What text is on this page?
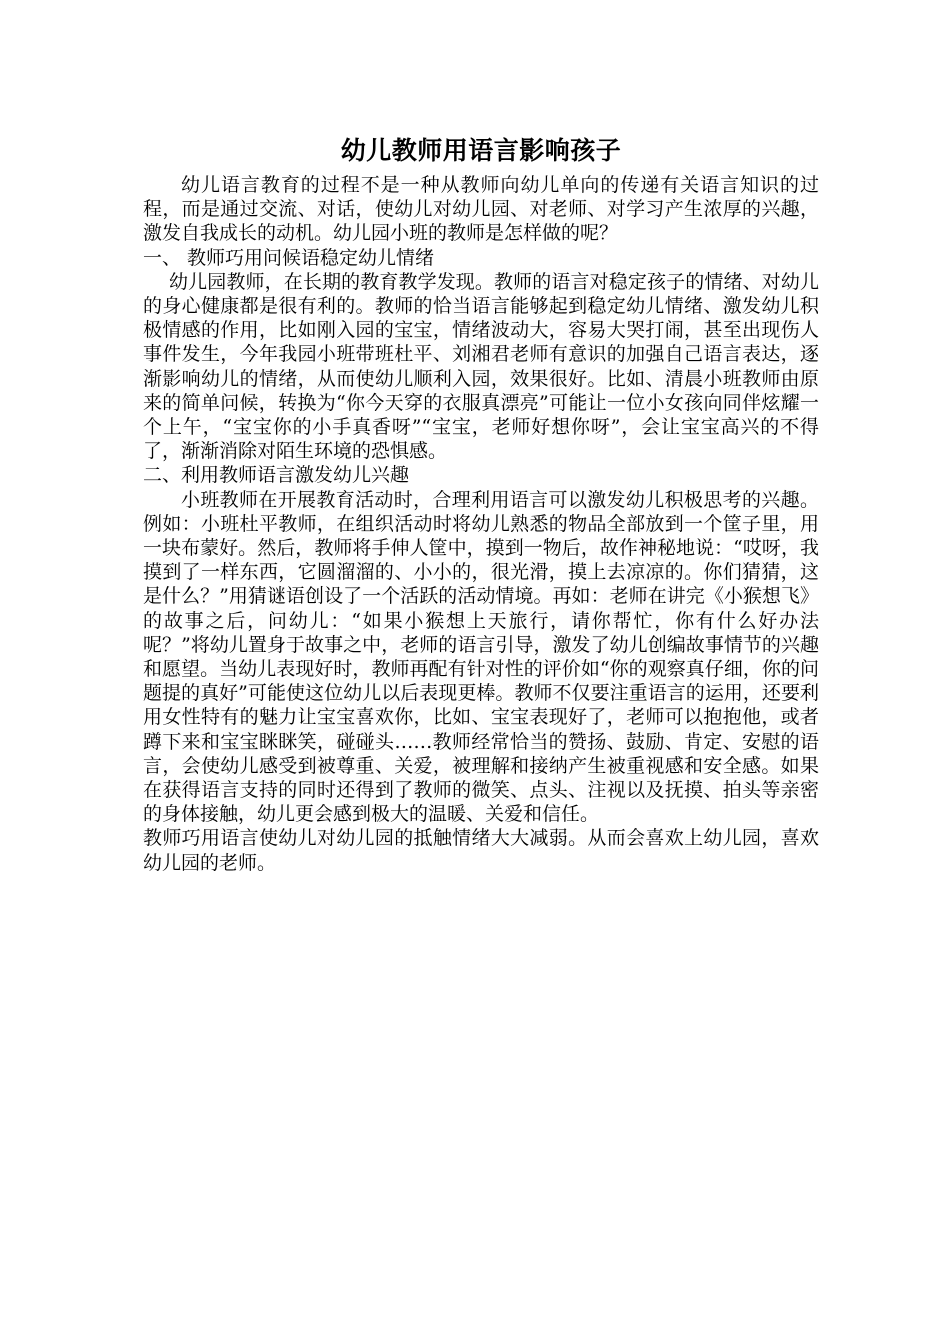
幼儿教师用语言影响孩子

幼儿语言教育的过程不是一种从教师向幼儿单向的传递有关语言知识的过程，而是通过交流、对话，使幼儿对幼儿园、对老师、对学习产生浓厚的兴趣，激发自我成长的动机。幼儿园小班的教师是怎样做的呢？

一、 教师巧用问候语稳定幼儿情绪

幼儿园教师，在长期的教育教学发现。教师的语言对稳定孩子的情绪、对幼儿的身心健康都是很有利的。教师的恰当语言能够起到稳定幼儿情绪、激发幼儿积极情感的作用，比如刚入园的宝宝，情绪波动大，容易大哭打闹，甚至出现伤人事件发生，今年我园小班带班杜平、刘湘君老师有意识的加强自己语言表达，逐渐影响幼儿的情绪，从而使幼儿顺利入园，效果很好。比如、清晨小班教师由原来的简单问候，转换为“你今天穿的衣服真漂亮”可能让一位小女孩向同伴炫耀一个上午，“宝宝你的小手真香呀”“宝宝，老师好想你呀”，会让宝宝高兴的不得了，渐渐消除对陌生环境的恐惧感。

二、利用教师语言激发幼儿兴趣

小班教师在开展教育活动时，合理利用语言可以激发幼儿积极思考的兴趣。例如：小班杜平教师，在组织活动时将幼儿熟悉的物品全部放到一个筐子里，用一块布蒙好。然后，教师将手伸人筐中，摸到一物后，故作神秘地说：“哎呀，我摸到了一样东西，它圆溜溜的、小小的，很光滑，摸上去凉凉的。你们猜猜，这是什么？”用猜谜语创设了一个活跃的活动情境。再如：老师在讲完《小猴想飞》的故事之后，问幼儿：“如果小猴想上天旅行，请你帮忙，你有什么好办法呢？”将幼儿置身于故事之中，老师的语言引导，激发了幼儿创编故事情节的兴趣和愿望。当幼儿表现好时，教师再配有针对性的评价如“你的观察真仔细，你的问题提的真好”可能使这位幼儿以后表现更棒。教师不仅要注重语言的运用，还要利用女性特有的魅力让宝宝喜欢你，比如、宝宝表现好了，老师可以抱抱他，或者蹲下来和宝宝眯眯笑，碰碰头……教师经常恰当的赞扬、鼓励、肯定、安慰的语言，会使幼儿感受到被尊重、关爱，被理解和接纳产生被重视感和安全感。如果在获得语言支持的同时还得到了教师的微笑、点头、注视以及抚摸、拍头等亲密的身体接触，幼儿更会感到极大的温暖、关爱和信任。

教师巧用语言使幼儿对幼儿园的抵触情绪大大减弱。从而会喜欢上幼儿园，喜欢幼儿园的老师。
